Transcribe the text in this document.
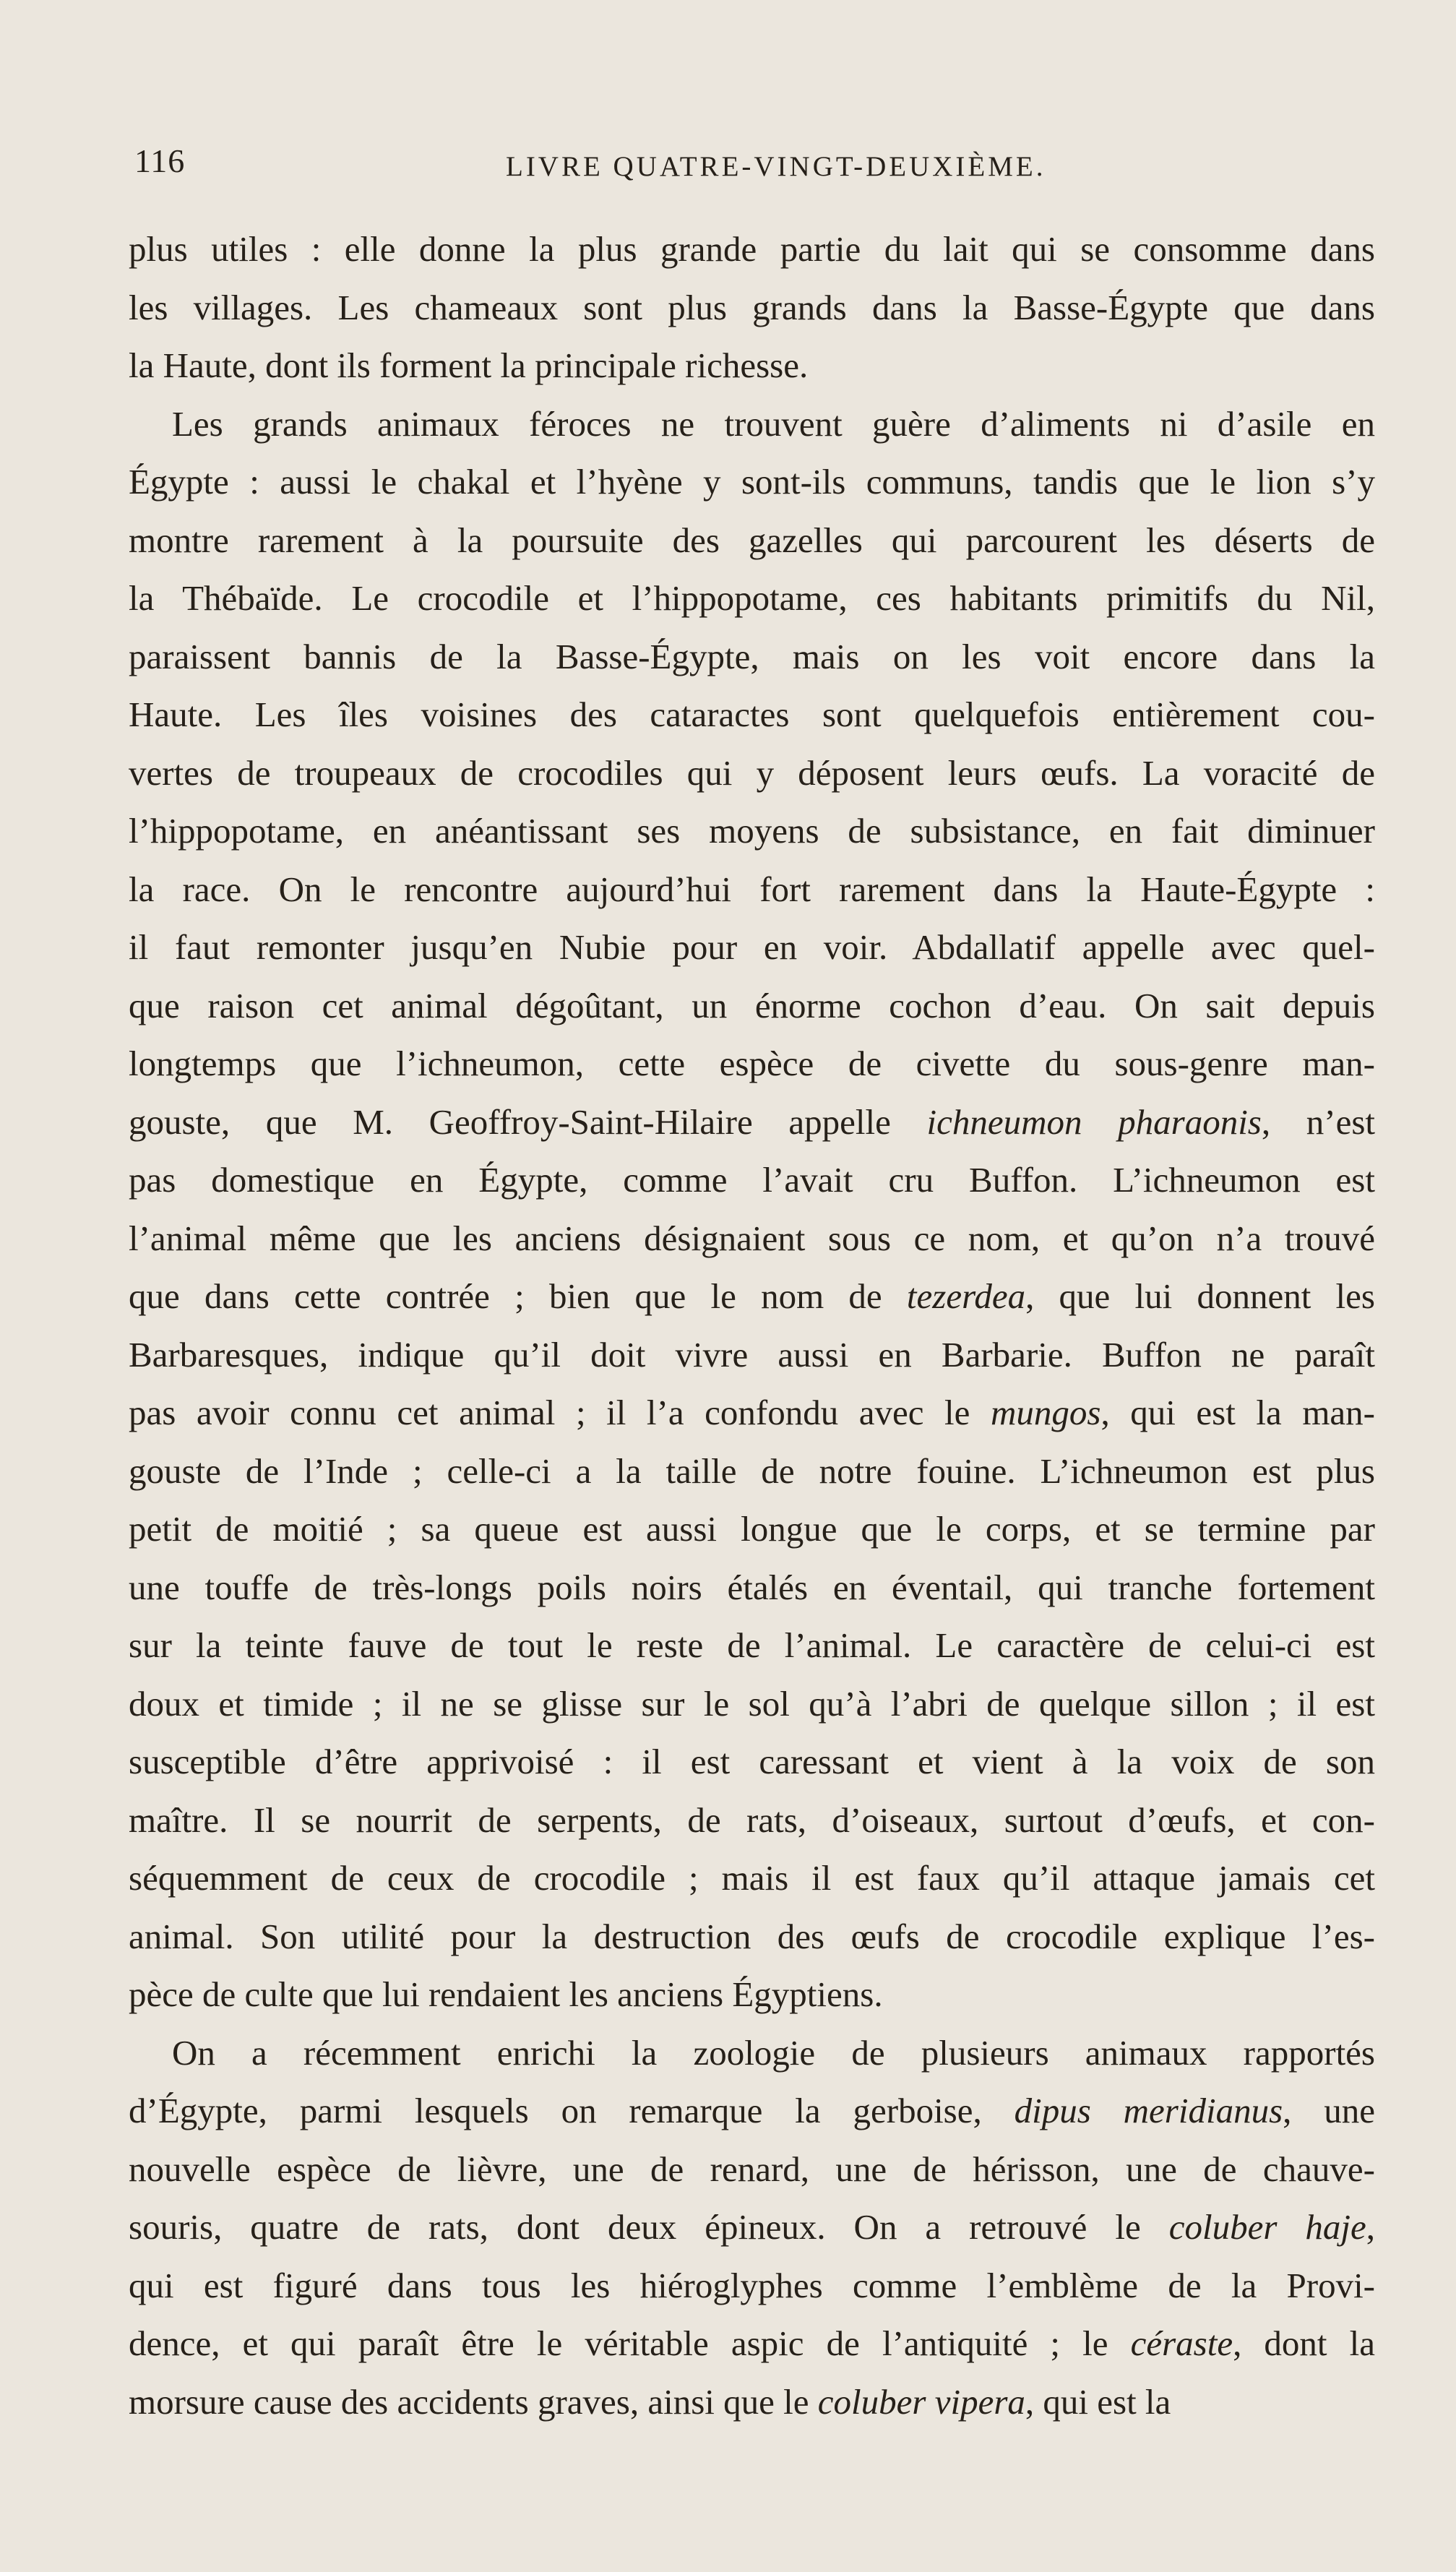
116	LIVRE QUATRE-VINGT-DEUXIÈME.
plus utiles : elle donne la plus grande partie du lait qui se consomme dans
les villages. Les chameaux sont plus grands dans la Basse-Égypte que dans
la Haute, dont ils forment la principale richesse.
Les grands animaux féroces ne trouvent guère d’aliments ni d’asile en
Égypte : aussi le chakal et l’hyène y sont-ils communs, tandis que le lion s’y
montre rarement à la poursuite des gazelles qui parcourent les déserts de
la Thébaïde. Le crocodile et l’hippopotame, ces habitants primitifs du Nil,
paraissent bannis de la Basse-Égypte, mais on les voit encore dans la
Haute. Les îles voisines des cataractes sont quelquefois entièrement cou-
vertes de troupeaux de crocodiles qui y déposent leurs œufs. La voracité de
l’hippopotame, en anéantissant ses moyens de subsistance, en fait diminuer
la race. On le rencontre aujourd’hui fort rarement dans la Haute-Égypte :
il faut remonter jusqu’en Nubie pour en voir. Abdallatif appelle avec quel-
que raison cet animal dégoûtant, un énorme cochon d’eau. On sait depuis
longtemps que l’ichneumon, cette espèce de civette du sous-genre man-
gouste, que M. Geoffroy-Saint-Hilaire appelle ichneumon pharaonis, n’est
pas domestique en Égypte, comme l’avait cru Buffon. L’ichneumon est
l’animal même que les anciens désignaient sous ce nom, et qu’on n’a trouvé
que dans cette contrée ; bien que le nom de tezerdea, que lui donnent les
Barbaresques, indique qu’il doit vivre aussi en Barbarie. Buffon ne paraît
pas avoir connu cet animal ; il l’a confondu avec le mungos, qui est la man-
gouste de l’Inde ; celle-ci a la taille de notre fouine. L’ichneumon est plus
petit de moitié ; sa queue est aussi longue que le corps, et se termine par
une touffe de très-longs poils noirs étalés en éventail, qui tranche fortement
sur la teinte fauve de tout le reste de l’animal. Le caractère de celui-ci est
doux et timide ; il ne se glisse sur le sol qu’à l’abri de quelque sillon ; il est
susceptible d’être apprivoisé : il est caressant et vient à la voix de son
maître. Il se nourrit de serpents, de rats, d’oiseaux, surtout d’œufs, et con-
séquemment de ceux de crocodile ; mais il est faux qu’il attaque jamais cet
animal. Son utilité pour la destruction des œufs de crocodile explique l’es-
pèce de culte que lui rendaient les anciens Égyptiens.
On a récemment enrichi la zoologie de plusieurs animaux rapportés
d’Égypte, parmi lesquels on remarque la gerboise, dipus meridianus, une
nouvelle espèce de lièvre, une de renard, une de hérisson, une de chauve-
souris, quatre de rats, dont deux épineux. On a retrouvé le coluber haje,
qui est figuré dans tous les hiéroglyphes comme l’emblème de la Provi-
dence, et qui paraît être le véritable aspic de l’antiquité ; le céraste, dont la
morsure cause des accidents graves, ainsi que le coluber vipera, qui est la
